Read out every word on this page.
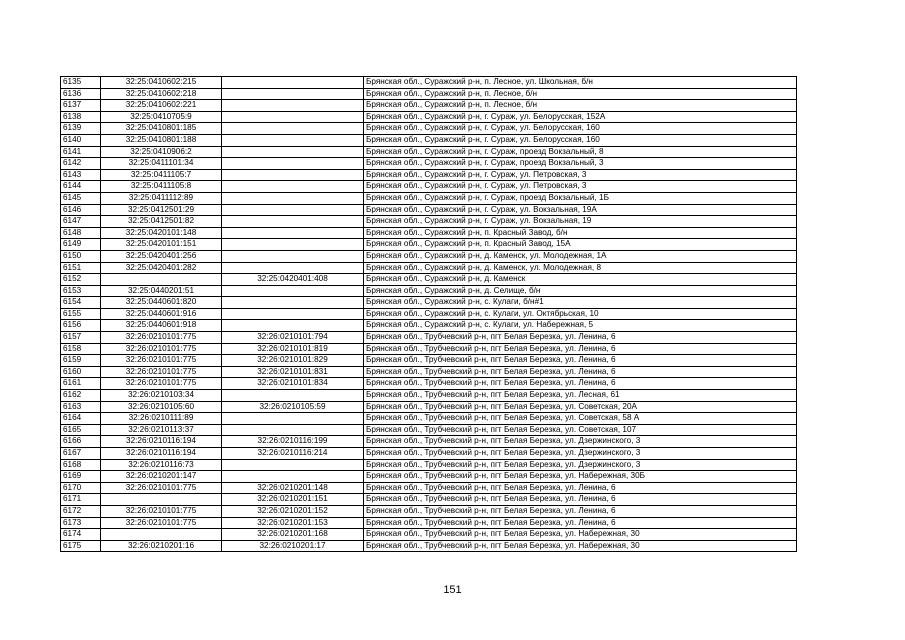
6135	32:25:0410602:215		Брянская обл., Суражский р-н, п. Лесное, ул. Школьная, б/н
6136	32:25:0410602:218		Брянская обл., Суражский р-н, п. Лесное, б/н
6137	32:25:0410602:221		Брянская обл., Суражский р-н, п. Лесное, б/н
6138	32:25:0410705:9		Брянская обл., Суражский р-н, г. Сураж, ул. Белорусская, 152А
6139	32:25:0410801:185		Брянская обл., Суражский р-н, г. Сураж, ул. Белорусская, 160
6140	32:25:0410801:188		Брянская обл., Суражский р-н, г. Сураж, ул. Белорусская, 160
6141	32:25:0410906:2		Брянская обл., Суражский р-н, г. Сураж, проезд Вокзальный, 8
6142	32:25:0411101:34		Брянская обл., Суражский р-н, г. Сураж, проезд Вокзальный, 3
6143	32:25:0411105:7		Брянская обл., Суражский р-н, г. Сураж, ул. Петровская, 3
6144	32:25:0411105:8		Брянская обл., Суражский р-н, г. Сураж, ул. Петровская, 3
6145	32:25:0411112:89		Брянская обл., Суражский р-н, г. Сураж, проезд Вокзальный, 1Б
6146	32:25:0412501:29		Брянская обл., Суражский р-н, г. Сураж, ул. Вокзальная, 19А
6147	32:25:0412501:82		Брянская обл., Суражский р-н, г. Сураж, ул. Вокзальная, 19
6148	32:25:0420101:148		Брянская обл., Суражский р-н, п. Красный Завод, б/н
6149	32:25:0420101:151		Брянская обл., Суражский р-н, п. Красный Завод, 15А
6150	32:25:0420401:256		Брянская обл., Суражский р-н, д. Каменск, ул. Молодежная, 1А
6151	32:25:0420401:282		Брянская обл., Суражский р-н, д. Каменск, ул. Молодежная, 8
6152		32:25:0420401:408	Брянская обл., Суражский р-н, д. Каменск
6153	32:25:0440201:51		Брянская обл., Суражский р-н, д. Селище, б/н
6154	32:25:0440601:820		Брянская обл., Суражский р-н, с. Кулаги, б/н#1
6155	32:25:0440601:916		Брянская обл., Суражский р-н, с. Кулаги, ул. Октябрьская, 10
6156	32:25:0440601:918		Брянская обл., Суражский р-н, с. Кулаги, ул. Набережная, 5
6157	32:26:0210101:775	32:26:0210101:794	Брянская обл., Трубчевский р-н, пгт Белая Березка, ул. Ленина, 6
6158	32:26:0210101:775	32:26:0210101:819	Брянская обл., Трубчевский р-н, пгт Белая Березка, ул. Ленина, 6
6159	32:26:0210101:775	32:26:0210101:829	Брянская обл., Трубчевский р-н, пгт Белая Березка, ул. Ленина, 6
6160	32:26:0210101:775	32:26:0210101:831	Брянская обл., Трубчевский р-н, пгт Белая Березка, ул. Ленина, 6
6161	32:26:0210101:775	32:26:0210101:834	Брянская обл., Трубчевский р-н, пгт Белая Березка, ул. Ленина, 6
6162	32:26:0210103:34		Брянская обл., Трубчевский р-н, пгт Белая Березка, ул. Лесная, 61
6163	32:26:0210105:60	32:26:0210105:59	Брянская обл., Трубчевский р-н, пгт Белая Березка, ул. Советская, 20А
6164	32:26:0210111:89		Брянская обл., Трубчевский р-н, пгт Белая Березка, ул. Советская, 58 А
6165	32:26:0210113:37		Брянская обл., Трубчевский р-н, пгт Белая Березка, ул. Советская, 107
6166	32:26:0210116:194	32:26:0210116:199	Брянская обл., Трубчевский р-н, пгт Белая Березка, ул. Дзержинского, 3
6167	32:26:0210116:194	32:26:0210116:214	Брянская обл., Трубчевский р-н, пгт Белая Березка, ул. Дзержинского, 3
6168	32:26:0210116:73		Брянская обл., Трубчевский р-н, пгт Белая Березка, ул. Дзержинского, 3
6169	32:26:0210201:147		Брянская обл., Трубчевский р-н, пгт Белая Березка, ул. Набережная, 30Б
6170	32:26:0210101:775	32:26:0210201:148	Брянская обл., Трубчевский р-н, пгт Белая Березка, ул. Ленина, 6
6171		32:26:0210201:151	Брянская обл., Трубчевский р-н, пгт Белая Березка, ул. Ленина, 6
6172	32:26:0210101:775	32:26:0210201:152	Брянская обл., Трубчевский р-н, пгт Белая Березка, ул. Ленина, 6
6173	32:26:0210101:775	32:26:0210201:153	Брянская обл., Трубчевский р-н, пгт Белая Березка, ул. Ленина, 6
6174		32:26:0210201:168	Брянская обл., Трубчевский р-н, пгт Белая Березка, ул. Набережная, 30
6175	32:26:0210201:16	32:26:0210201:17	Брянская обл., Трубчевский р-н, пгт Белая Березка, ул. Набережная, 30
151
